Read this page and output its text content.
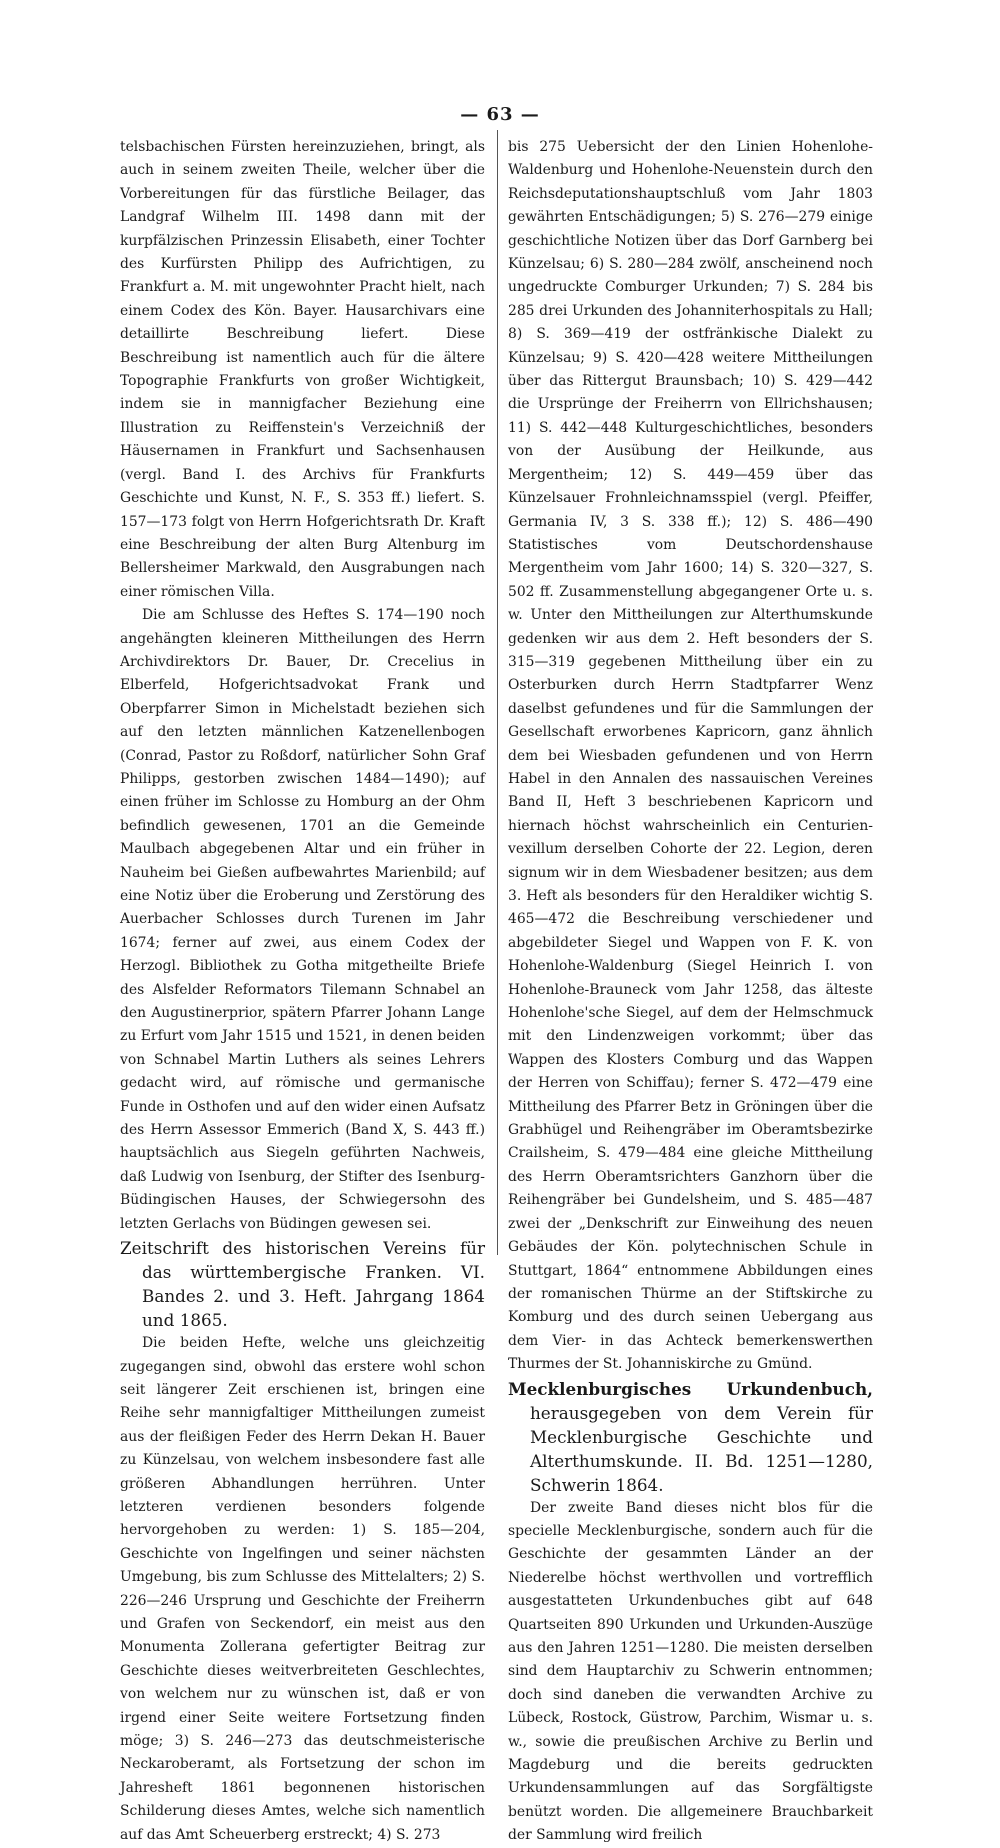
— 63 —

telsbachischen Fürsten hereinzuziehen, bringt, als auch in seinem zweiten Theile, welcher über die Vorbereitungen für das fürstliche Beilager, das Landgraf Wilhelm III. 1498 dann mit der kurpfälzischen Prinzessin Elisabeth, einer Tochter des Kurfürsten Philipp des Aufrichtigen, zu Frankfurt a. M. mit ungewohnter Pracht hielt, nach einem Codex des Kön. Bayer. Hausarchivars eine detaillirte Beschreibung liefert. Diese Beschreibung ist namentlich auch für die ältere Topographie Frankfurts von großer Wichtigkeit, indem sie in mannigfacher Beziehung eine Illustration zu Reiffenstein's Verzeichniß der Häusernamen in Frankfurt und Sachsenhausen (vergl. Band I. des Archivs für Frankfurts Geschichte und Kunst, N. F., S. 353 ff.) liefert. S. 157—173 folgt von Herrn Hofgerichtsrath Dr. Kraft eine Beschreibung der alten Burg Altenburg im Bellersheimer Markwald, den Ausgrabungen nach einer römischen Villa.

Die am Schlusse des Heftes S. 174—190 noch angehängten kleineren Mittheilungen des Herrn Archivdirektors Dr. Bauer, Dr. Crecelius in Elberfeld, Hofgerichtsadvokat Frank und Oberpfarrer Simon in Michelstadt beziehen sich auf den letzten männlichen Katzenellenbogen (Conrad, Pastor zu Roßdorf, natürlicher Sohn Graf Philipps, gestorben zwischen 1484—1490); auf einen früher im Schlosse zu Homburg an der Ohm befindlich gewesenen, 1701 an die Gemeinde Maulbach abgegebenen Altar und ein früher in Nauheim bei Gießen aufbewahrtes Marienbild; auf eine Notiz über die Eroberung und Zerstörung des Auerbacher Schlosses durch Turenen im Jahr 1674; ferner auf zwei, aus einem Codex der Herzogl. Bibliothek zu Gotha mitgetheilte Briefe des Alsfelder Reformators Tilemann Schnabel an den Augustinerprior, spätern Pfarrer Johann Lange zu Erfurt vom Jahr 1515 und 1521, in denen beiden von Schnabel Martin Luthers als seines Lehrers gedacht wird, auf römische und germanische Funde in Osthofen und auf den wider einen Aufsatz des Herrn Assessor Emmerich (Band X, S. 443 ff.) hauptsächlich aus Siegeln geführten Nachweis, daß Ludwig von Isenburg, der Stifter des Isenburg-Büdingischen Hauses, der Schwiegersohn des letzten Gerlachs von Büdingen gewesen sei.

Zeitschrift des historischen Vereins für das württembergische Franken. VI. Bandes 2. und 3. Heft. Jahrgang 1864 und 1865.

Die beiden Hefte, welche uns gleichzeitig zugegangen sind, obwohl das erstere wohl schon seit längerer Zeit erschienen ist, bringen eine Reihe sehr mannigfaltiger Mittheilungen zumeist aus der fleißigen Feder des Herrn Dekan H. Bauer zu Künzelsau, von welchem insbesondere fast alle größeren Abhandlungen herrühren. Unter letzteren verdienen besonders folgende hervorgehoben zu werden: 1) S. 185—204, Geschichte von Ingelfingen und seiner nächsten Umgebung, bis zum Schlusse des Mittelalters; 2) S. 226—246 Ursprung und Geschichte der Freiherrn und Grafen von Seckendorf, ein meist aus den Monumenta Zollerana gefertigter Beitrag zur Geschichte dieses weitverbreiteten Geschlechtes, von welchem nur zu wünschen ist, daß er von irgend einer Seite weitere Fortsetzung finden möge; 3) S. 246—273 das deutschmeisterische Neckaroberamt, als Fortsetzung der schon im Jahresheft 1861 begonnenen historischen Schilderung dieses Amtes, welche sich namentlich auf das Amt Scheuerberg erstreckt; 4) S. 273

bis 275 Uebersicht der den Linien Hohenlohe-Waldenburg und Hohenlohe-Neuenstein durch den Reichsdeputationshauptschluß vom Jahr 1803 gewährten Entschädigungen; 5) S. 276—279 einige geschichtliche Notizen über das Dorf Garnberg bei Künzelsau; 6) S. 280—284 zwölf, anscheinend noch ungedruckte Comburger Urkunden; 7) S. 284 bis 285 drei Urkunden des Johanniterhospitals zu Hall; 8) S. 369—419 der ostfränkische Dialekt zu Künzelsau; 9) S. 420—428 weitere Mittheilungen über das Rittergut Braunsbach; 10) S. 429—442 die Ursprünge der Freiherrn von Ellrichshausen; 11) S. 442—448 Kulturgeschichtliches, besonders von der Ausübung der Heilkunde, aus Mergentheim; 12) S. 449—459 über das Künzelsauer Frohnleichnamsspiel (vergl. Pfeiffer, Germania IV, 3 S. 338 ff.); 12) S. 486—490 Statistisches vom Deutschordenshause Mergentheim vom Jahr 1600; 14) S. 320—327, S. 502 ff. Zusammenstellung abgegangener Orte u. s. w. Unter den Mittheilungen zur Alterthumskunde gedenken wir aus dem 2. Heft besonders der S. 315—319 gegebenen Mittheilung über ein zu Osterburken durch Herrn Stadtpfarrer Wenz daselbst gefundenes und für die Sammlungen der Gesellschaft erworbenes Kapricorn, ganz ähnlich dem bei Wiesbaden gefundenen und von Herrn Habel in den Annalen des nassauischen Vereines Band II, Heft 3 beschriebenen Kapricorn und hiernach höchst wahrscheinlich ein Centurien-vexillum derselben Cohorte der 22. Legion, deren signum wir in dem Wiesbadener besitzen; aus dem 3. Heft als besonders für den Heraldiker wichtig S. 465—472 die Beschreibung verschiedener und abgebildeter Siegel und Wappen von F. K. von Hohenlohe-Waldenburg (Siegel Heinrich I. von Hohenlohe-Brauneck vom Jahr 1258, das älteste Hohenlohe'sche Siegel, auf dem der Helmschmuck mit den Lindenzweigen vorkommt; über das Wappen des Klosters Comburg und das Wappen der Herren von Schiffau); ferner S. 472—479 eine Mittheilung des Pfarrer Betz in Gröningen über die Grabhügel und Reihengräber im Oberamtsbezirke Crailsheim, S. 479—484 eine gleiche Mittheilung des Herrn Oberamtsrichters Ganzhorn über die Reihengräber bei Gundelsheim, und S. 485—487 zwei der „Denkschrift zur Einweihung des neuen Gebäudes der Kön. polytechnischen Schule in Stuttgart, 1864“ entnommene Abbildungen eines der romanischen Thürme an der Stiftskirche zu Komburg und des durch seinen Uebergang aus dem Vier- in das Achteck bemerkenswerthen Thurmes der St. Johanniskirche zu Gmünd.

Mecklenburgisches Urkundenbuch, herausgegeben von dem Verein für Mecklenburgische Geschichte und Alterthumskunde. II. Bd. 1251—1280, Schwerin 1864.

Der zweite Band dieses nicht blos für die specielle Mecklenburgische, sondern auch für die Geschichte der gesammten Länder an der Niederelbe höchst werthvollen und vortrefflich ausgestatteten Urkundenbuches gibt auf 648 Quartseiten 890 Urkunden und Urkunden-Auszüge aus den Jahren 1251—1280. Die meisten derselben sind dem Hauptarchiv zu Schwerin entnommen; doch sind daneben die verwandten Archive zu Lübeck, Rostock, Güstrow, Parchim, Wismar u. s. w., sowie die preußischen Archive zu Berlin und Magdeburg und die bereits gedruckten Urkundensammlungen auf das Sorgfältigste benützt worden. Die allgemeinere Brauchbarkeit der Sammlung wird freilich
